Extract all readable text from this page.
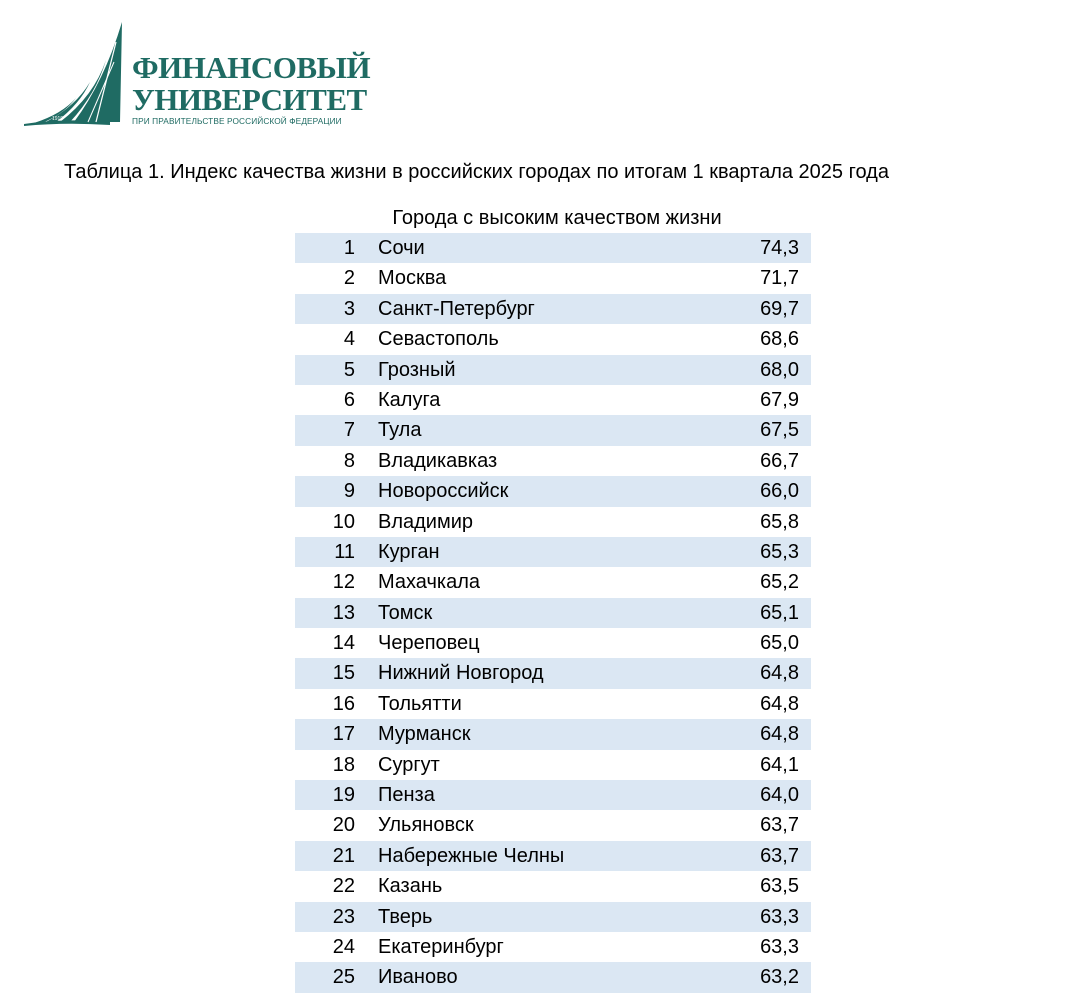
1919
ФИНАНСОВЫЙ
УНИВЕРСИТЕТ
ПРИ ПРАВИТЕЛЬСТВЕ РОССИЙСКОЙ ФЕДЕРАЦИИ
Таблица 1. Индекс качества жизни в российских городах по итогам 1 квартала 2025 года
Города с высоким качеством жизни
1 Сочи	74,3
2 Москва	71,7
3 Санкт-Петербург	69,7
4 Севастополь	68,6
5 Грозный	68,0
6 Калуга	67,9
7 Тула	67,5
8 Владикавказ	66,7
9 Новороссийск	66,0
10 Владимир	65,8
11 Курган	65,3
12 Махачкала	65,2
13 Томск	65,1
14 Череповец	65,0
15 Нижний Новгород	64,8
16 Тольятти	64,8
17 Мурманск	64,8
18 Сургут	64,1
19 Пенза	64,0
20 Ульяновск	63,7
21 Набережные Челны	63,7
22 Казань	63,5
23 Тверь	63,3
24 Екатеринбург	63,3
25 Иваново	63,2
